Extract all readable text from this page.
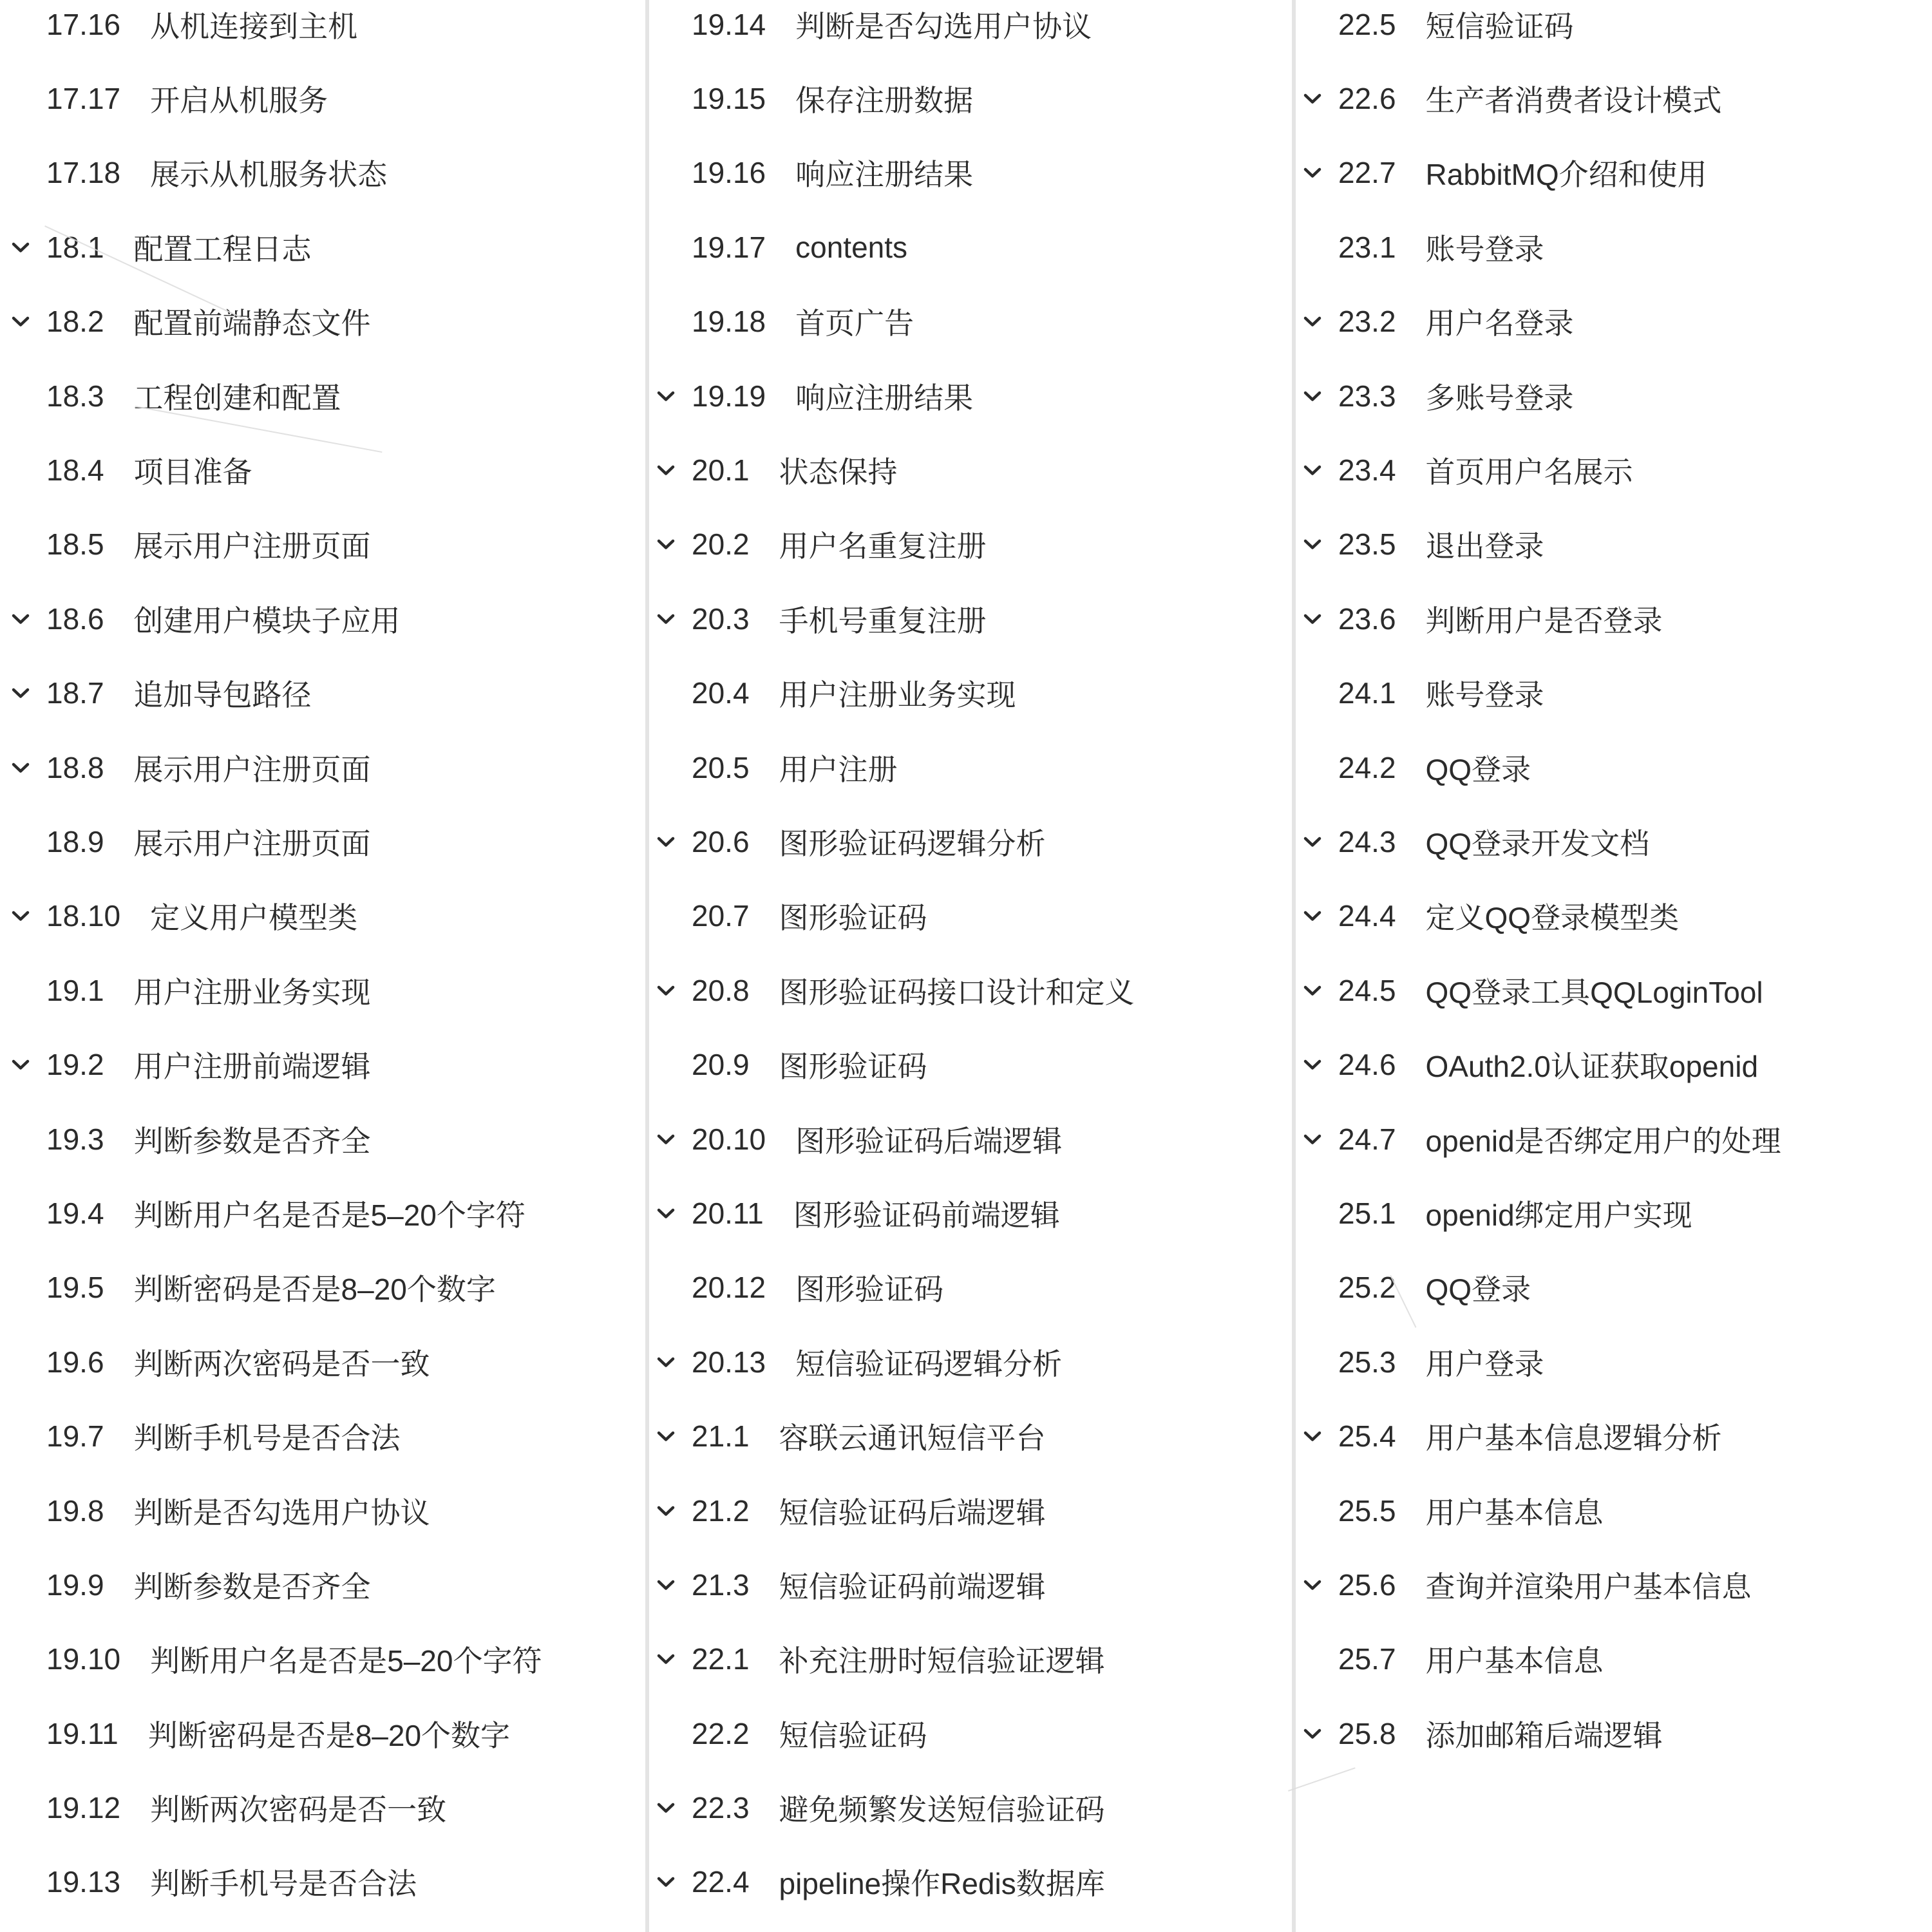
17.16 从机连接到主机
17.17 开启从机服务
17.18 展示从机服务状态
18.1 配置工程日志
18.2 配置前端静态文件
18.3 工程创建和配置
18.4 项目准备
18.5 展示用户注册页面
18.6 创建用户模块子应用
18.7 追加导包路径
18.8 展示用户注册页面
18.9 展示用户注册页面
18.10 定义用户模型类
19.1 用户注册业务实现
19.2 用户注册前端逻辑
19.3 判断参数是否齐全
19.4 判断用户名是否是5–20个字符
19.5 判断密码是否是8–20个数字
19.6 判断两次密码是否一致
19.7 判断手机号是否合法
19.8 判断是否勾选用户协议
19.9 判断参数是否齐全
19.10 判断用户名是否是5–20个字符
19.11 判断密码是否是8–20个数字
19.12 判断两次密码是否一致
19.13 判断手机号是否合法
19.14 判断是否勾选用户协议
19.15 保存注册数据
19.16 响应注册结果
19.17 contents
19.18 首页广告
19.19 响应注册结果
20.1 状态保持
20.2 用户名重复注册
20.3 手机号重复注册
20.4 用户注册业务实现
20.5 用户注册
20.6 图形验证码逻辑分析
20.7 图形验证码
20.8 图形验证码接口设计和定义
20.9 图形验证码
20.10 图形验证码后端逻辑
20.11 图形验证码前端逻辑
20.12 图形验证码
20.13 短信验证码逻辑分析
21.1 容联云通讯短信平台
21.2 短信验证码后端逻辑
21.3 短信验证码前端逻辑
22.1 补充注册时短信验证逻辑
22.2 短信验证码
22.3 避免频繁发送短信验证码
22.4 pipeline操作Redis数据库
22.5 短信验证码
22.6 生产者消费者设计模式
22.7 RabbitMQ介绍和使用
23.1 账号登录
23.2 用户名登录
23.3 多账号登录
23.4 首页用户名展示
23.5 退出登录
23.6 判断用户是否登录
24.1 账号登录
24.2 QQ登录
24.3 QQ登录开发文档
24.4 定义QQ登录模型类
24.5 QQ登录工具QQLoginTool
24.6 OAuth2.0认证获取openid
24.7 openid是否绑定用户的处理
25.1 openid绑定用户实现
25.2 QQ登录
25.3 用户登录
25.4 用户基本信息逻辑分析
25.5 用户基本信息
25.6 查询并渲染用户基本信息
25.7 用户基本信息
25.8 添加邮箱后端逻辑
